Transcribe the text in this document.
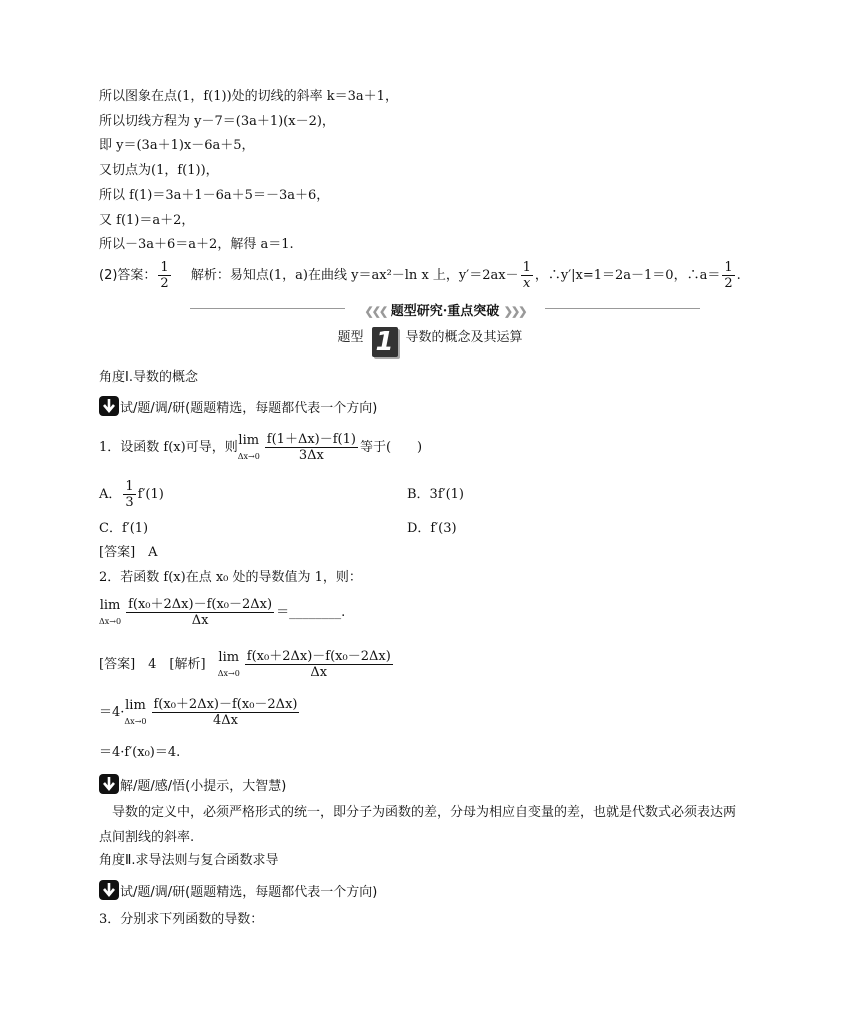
所以图象在点(1，f(1))处的切线的斜率 k＝3a＋1，
所以切线方程为 y－7＝(3a＋1)(x－2)，
即 y＝(3a＋1)x－6a＋5，
又切点为(1，f(1))，
所以 f(1)＝3a＋1－6a＋5＝－3a＋6，
又 f(1)＝a＋2，
所以－3a＋6＝a＋2，解得 a＝1.
(2)答案： $\frac{1}{2}$ 解析：易知点(1，a)在曲线 y＝ax²－ln x 上，$y'=2ax- \frac{1}{x}$ ，∴y′|x=1＝2a－1＝0，∴a＝ $\frac{1}{2}$ .
❮❮❮ 题型研究·重点突破 ❯❯❯
题型 1 导数的概念及其运算
角度Ⅰ.导数的概念
试/题/调/研(题题精选，每题都代表一个方向)
1．设函数 f(x)可导，则 lim
$\Delta x\to 0 \frac{f(1+\Delta x)-f(1)}{3\Delta x}$ 等于(　　)
A． $\frac{1}{3} f'(1)$	B．3f′(1)
C．f′(1)	D．f′(3)
[答案]　A
2．若函数 f(x)在点 x₀ 处的导数值为 1，则：
lim
$\Delta x\to 0 \frac{\text{f(x₀＋2Δx)－f(x₀－2Δx)}}{\Delta x}$ ＝________.
[答案]　4　[解析] lim
$\Delta x\to 0 \frac{\text{f(x₀＋2Δx)－f(x₀－2Δx)}}{\Delta x}$
＝4· lim
$\Delta x\to 0 \frac{\text{f(x₀＋2Δx)－f(x₀－2Δx)}}{4\Delta x}$
＝4·f′(x₀)＝4.
解/题/感/悟(小提示，大智慧)
导数的定义中，必须严格形式的统一，即分子为函数的差，分母为相应自变量的差，也就是代数式必须表达两
点间割线的斜率.
角度Ⅱ.求导法则与复合函数求导
试/题/调/研(题题精选，每题都代表一个方向)
3．分别求下列函数的导数：
